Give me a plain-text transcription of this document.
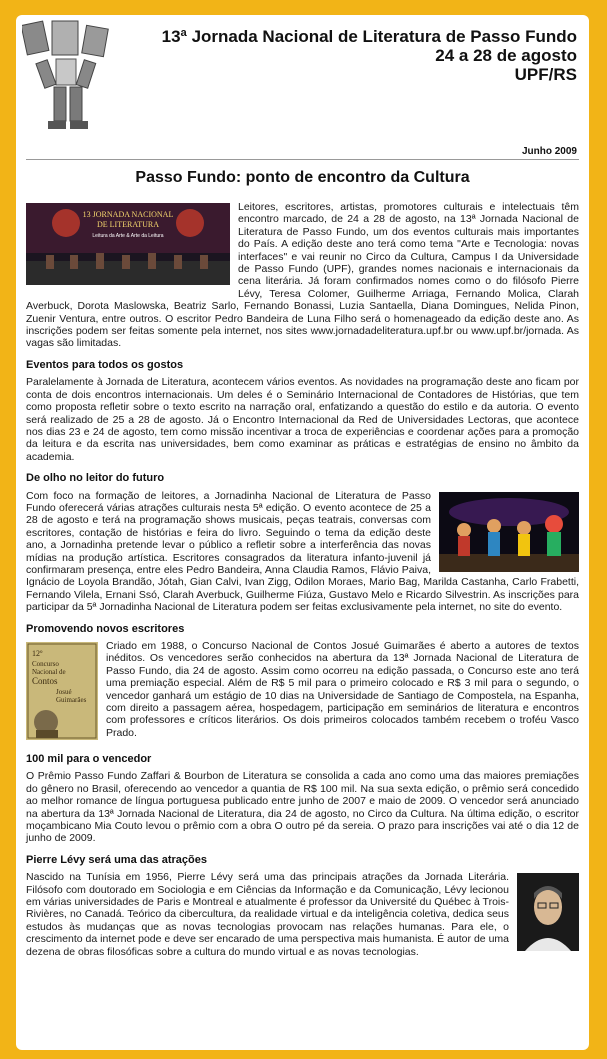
13ª Jornada Nacional de Literatura de Passo Fundo
24 a 28 de agosto
UPF/RS
Junho 2009
Passo Fundo: ponto de encontro da Cultura
13 JORNADA NACIONAL
DE LITERATURA
Leitura da Arte & Arte da Leitura

Leitores, escritores, artistas, promotores culturais e intelectuais têm encontro marcado, de 24 a 28 de agosto, na 13ª Jornada Nacional de Literatura de Passo Fundo, um dos eventos culturais mais importantes do País. A edição deste ano terá como tema "Arte e Tecnologia: novas interfaces" e vai reunir no Circo da Cultura, Campus I da Universidade de Passo Fundo (UPF), grandes nomes nacionais e internacionais da cena literária. Já foram confirmados nomes como o do filósofo Pierre Lévy, Teresa Colomer, Guilherme Arriaga, Fernando Molica, Clarah Averbuck, Dorota Maslowska, Beatriz Sarlo, Fernando Bonassi, Luzia Santaella, Diana Domingues, Nelida Pinon, Zuenir Ventura, entre outros. O escritor Pedro Bandeira de Luna Filho será o homenageado da edição deste ano. As inscrições podem ser feitas somente pela internet, nos sites www.jornadadeliteratura.upf.br ou www.upf.br/jornada. As vagas são limitadas.

Eventos para todos os gostos

Paralelamente à Jornada de Literatura, acontecem vários eventos. As novidades na programação deste ano ficam por conta de dois encontros internacionais. Um deles é o Seminário Internacional de Contadores de Histórias, que tem como proposta refletir sobre o texto escrito na narração oral, enfatizando a questão do estilo e da autoria. O evento será realizado de 25 a 28 de agosto. Já o Encontro Internacional da Red de Universidades Lectoras, que acontece nos dias 23 e 24 de agosto, tem como missão incentivar a troca de experiências e coordenar ações para a promoção da leitura e da escrita nas universidades, bem como examinar as práticas e estratégias de ensino no âmbito da academia.

De olho no leitor do futuro

Com foco na formação de leitores, a Jornadinha Nacional de Literatura de Passo Fundo oferecerá várias atrações culturais nesta 5ª edição. O evento acontece de 25 a 28 de agosto e terá na programação shows musicais, peças teatrais, conversas com escritores, contação de histórias e feira do livro. Seguindo o tema da edição deste ano, a Jornadinha pretende levar o público a refletir sobre a interferência das novas mídias na produção artística. Escritores consagrados da literatura infanto-juvenil já confirmaram presença, entre eles Pedro Bandeira, Anna Claudia Ramos, Flávio Paiva, Ignácio de Loyola Brandão, Jótah, Gian Calvi, Ivan Zigg, Odilon Moraes, Mario Bag, Marilda Castanha, Carlo Frabetti, Fernando Vilela, Ernani Ssó, Clarah Averbuck, Guilherme Fiúza, Gustavo Melo e Ricardo Silvestrin. As inscrições para participar da 5ª Jornadinha Nacional de Literatura podem ser feitas exclusivamente pela internet, no site do evento.

Promovendo novos escritores
12º
Concurso
Nacional de
Contos
Josué
Guimarães

Criado em 1988, o Concurso Nacional de Contos Josué Guimarães é aberto a autores de textos inéditos. Os vencedores serão conhecidos na abertura da 13ª Jornada Nacional de Literatura de Passo Fundo, dia 24 de agosto. Assim como ocorreu na edição passada, o Concurso este ano terá uma premiação especial. Além de R$ 5 mil para o primeiro colocado e R$ 3 mil para o segundo, o vencedor ganhará um estágio de 10 dias na Universidade de Santiago de Compostela, na Espanha, com direito a passagem aérea, hospedagem, participação em seminários de literatura e encontros com professores e críticos literários. Os dois primeiros colocados também recebem o troféu Vasco Prado.

100 mil para o vencedor

O Prêmio Passo Fundo Zaffari & Bourbon de Literatura se consolida a cada ano como uma das maiores premiações do gênero no Brasil, oferecendo ao vencedor a quantia de R$ 100 mil. Na sua sexta edição, o prêmio será concedido ao melhor romance de língua portuguesa publicado entre junho de 2007 e maio de 2009. O vencedor será anunciado na abertura da 13ª Jornada Nacional de Literatura, dia 24 de agosto, no Circo da Cultura. Na última edição, o escritor moçambicano Mia Couto levou o prêmio com a obra O outro pé da sereia. O prazo para inscrições vai até o dia 12 de junho de 2009.

Pierre Lévy será uma das atrações

Nascido na Tunísia em 1956, Pierre Lévy será uma das principais atrações da Jornada Literária. Filósofo com doutorado em Sociologia e em Ciências da Informação e da Comunicação, Lévy lecionou em várias universidades de Paris e Montreal e atualmente é professor da Université du Québec à Trois-Rivières, no Canadá. Teórico da cibercultura, da realidade virtual e da inteligência coletiva, dedica seus estudos às mudanças que as novas tecnologias provocam nas relações humanas. Para ele, o crescimento da internet pode e deve ser encarado de uma perspectiva mais humanista. É autor de uma dezena de obras filosóficas sobre a cultura do mundo virtual e as novas tecnologias.
